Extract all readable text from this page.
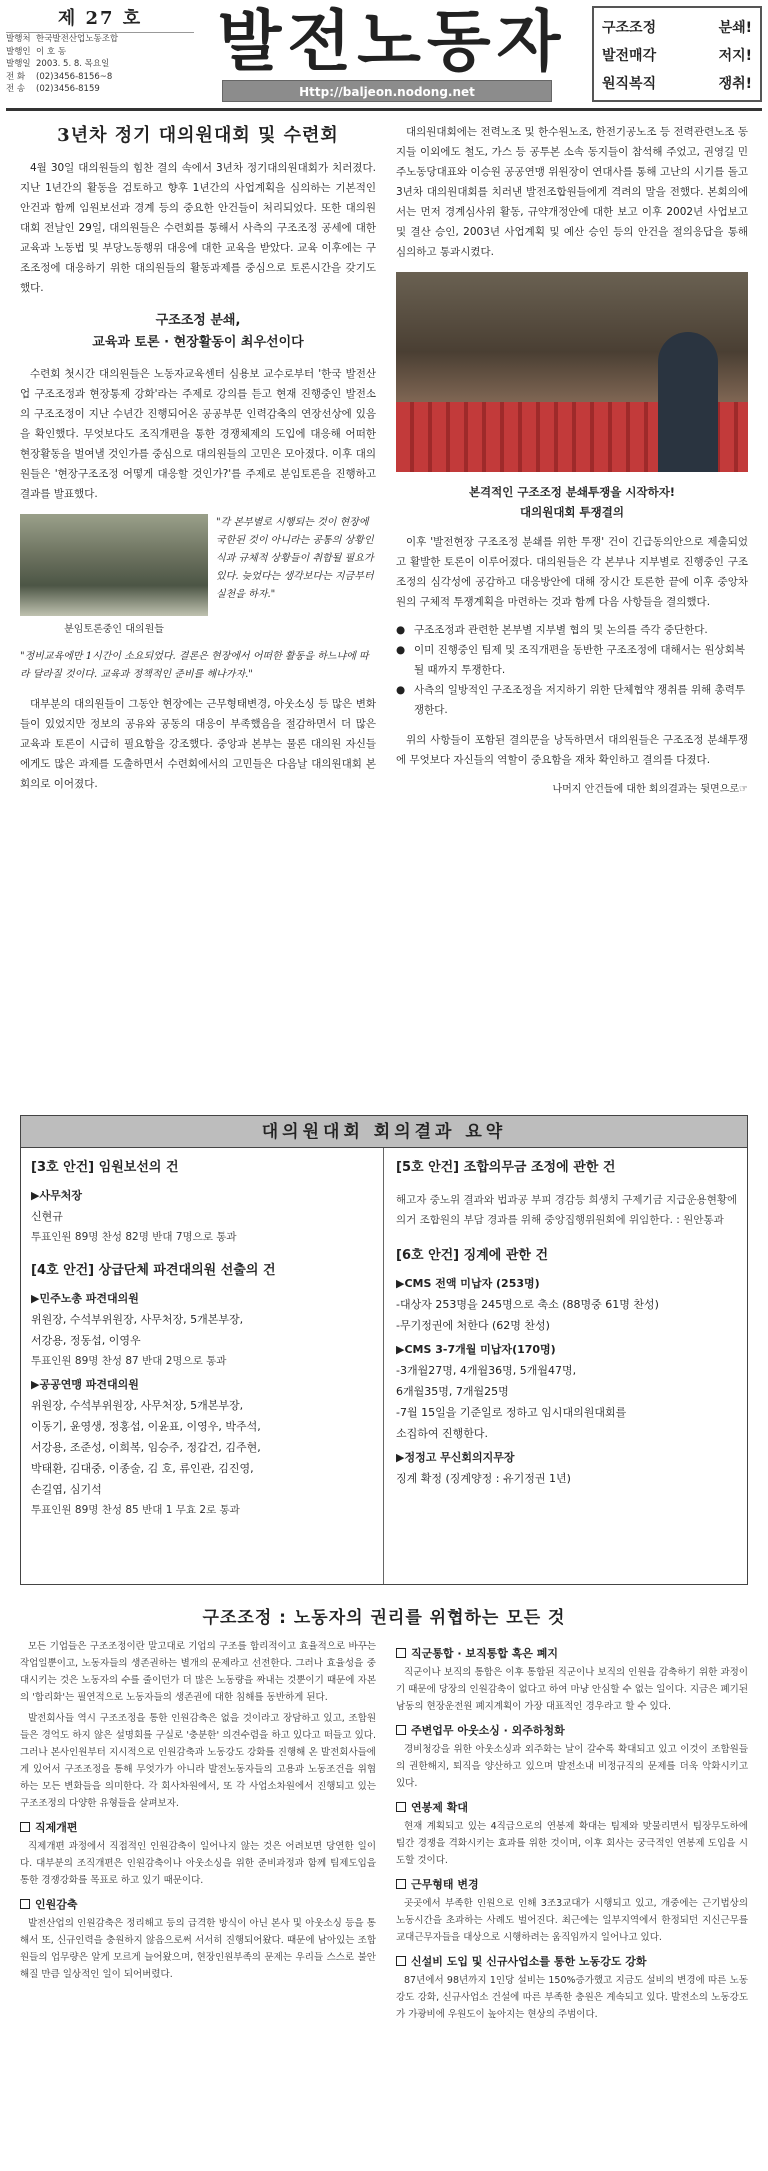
제 27 호
발행처 한국발전산업노동조합
발행인 이 호 동
발행일 2003. 5. 8. 목요일
전 화	(02)3456-8156~8
전 송	(02)3456-8159
발전노동자
Http://baljeon.nodong.net
구조조정	분쇄!
발전매각	저지!
원직복직	쟁취!
3년차 정기 대의원대회 및 수련회

4월 30일 대의원들의 힘찬 결의 속에서 3년차 정기대의원대회가 치러졌다. 지난 1년간의 활동을 검토하고 향후 1년간의 사업계획을 심의하는 기본적인 안건과 함께 임원보선과 경계 등의 중요한 안건들이 처리되었다. 또한 대의원대회 전날인 29일, 대의원들은 수련회를 통해서 사측의 구조조정 공세에 대한 교육과 노동법 및 부당노동행위 대응에 대한 교육을 받았다. 교육 이후에는 구조조정에 대응하기 위한 대의원들의 활동과제를 중심으로 토론시간을 갖기도 했다.

구조조정 분쇄,
교육과 토론 · 현장활동이 최우선이다

수련회 첫시간 대의원들은 노동자교육센터 심용보 교수로부터 '한국 발전산업 구조조정과 현장통제 강화'라는 주제로 강의를 듣고 현재 진행중인 발전소의 구조조정이 지난 수년간 진행되어온 공공부문 인력감축의 연장선상에 있음을 확인했다. 무엇보다도 조직개편을 통한 경쟁체제의 도입에 대응해 어떠한 현장활동을 벌여낼 것인가를 중심으로 대의원들의 고민은 모아졌다. 이후 대의원들은 '현장구조조정 어떻게 대응할 것인가?'를 주제로 분임토론을 진행하고 결과를 발표했다.

분임토론중인 대의원들
"각 본부별로 시행되는 것이 현장에 국한된 것이 아니라는 공통의 상황인식과 규체적 상황들이 취합될 필요가 있다. 늦었다는 생각보다는 지금부터 실천을 하자."
"정비교육에만 1시간이 소요되었다. 결론은 현장에서 어떠한 활동을 하느냐에 따라 달라질 것이다. 교육과 정책적인 준비를 해나가자."

대부분의 대의원들이 그동안 현장에는 근무형태변경, 아웃소싱 등 많은 변화들이 있었지만 정보의 공유와 공동의 대응이 부족했음을 절감하면서 더 많은 교육과 토론이 시급히 필요함을 강조했다. 중앙과 본부는 물론 대의원 자신들에게도 많은 과제를 도출하면서 수련회에서의 고민들은 다음날 대의원대회 본회의로 이어졌다.

대의원대회에는 전력노조 및 한수원노조, 한전기공노조 등 전력관련노조 동지들 이외에도 철도, 가스 등 공투본 소속 동지들이 참석해 주었고, 권영길 민주노동당대표와 이승원 공공연맹 위원장이 연대사를 통해 고난의 시기를 돌고 3년차 대의원대회를 치러낸 발전조합원들에게 격려의 말을 전했다. 본회의에서는 먼저 경계심사위 활동, 규약개정안에 대한 보고 이후 2002년 사업보고 및 결산 승인, 2003년 사업계획 및 예산 승인 등의 안건을 절의응답을 통해 심의하고 통과시켰다.

본격적인 구조조정 분쇄투쟁을 시작하자!
대의원대회 투쟁결의

이후 '발전현장 구조조정 분쇄를 위한 투쟁' 건이 긴급동의안으로 제출되었고 활발한 토론이 이루어졌다. 대의원들은 각 본부나 지부별로 진행중인 구조조정의 심각성에 공감하고 대응방안에 대해 장시간 토론한 끝에 이후 중앙차원의 구체적 투쟁계획을 마련하는 것과 함께 다음 사항들을 결의했다.

● 구조조정과 관련한 본부별 지부별 협의 및 논의를 즉각 중단한다.
● 이미 진행중인 팀제 및 조직개편을 동반한 구조조정에 대해서는 원상회복 될 때까지 투쟁한다.
● 사측의 일방적인 구조조정을 저지하기 위한 단체협약 쟁취를 위해 총력투쟁한다.

위의 사항들이 포함된 결의문을 낭독하면서 대의원들은 구조조정 분쇄투쟁에 무엇보다 자신들의 역할이 중요함을 재차 확인하고 결의를 다졌다.

나머지 안건들에 대한 회의결과는 뒷면으로☞
대의원대회 회의결과 요약
[3호 안건] 임원보선의 건
▶사무처장
신현규
투표인원 89명 찬성 82명 반대 7명으로 통과
[4호 안건] 상급단체 파견대의원 선출의 건
▶민주노총 파견대의원
위원장, 수석부위원장, 사무처장, 5개본부장,
서강용, 정동섭, 이영우
투표인원 89명 찬성 87 반대 2명으로 통과
▶공공연맹 파견대의원
위원장, 수석부위원장, 사무처장, 5개본부장,
이동기, 윤영생, 정홍섭, 이윤표, 이영우, 박주석,
서강용, 조준성, 이희복, 임승주, 정갑건, 김주현,
박태환, 김대중, 이종술, 김 호, 류인관, 김진영,
손길엽, 심기석
투표인원 89명 찬성 85 반대 1 무효 2로 통과
[5호 안건] 조합의무금 조정에 관한 건
해고자 중노위 결과와 법과공 부피 경감등 희생치 구제기금 지급운용현황에 의거 조합원의 부담 경과를 위해 중앙집행위원회에 위임한다. : 원안통과
[6호 안건] 징계에 관한 건
▶CMS 전액 미납자 (253명)
-대상자 253명을 245명으로 축소 (88명중 61명 찬성)
-무기정권에 처한다 (62명 찬성)
▶CMS 3-7개월 미납자(170명)
-3개월27명, 4개월36명, 5개월47명,
6개월35명, 7개월25명
-7월 15일을 기준일로 정하고 임시대의원대회를
소집하여 진행한다.
▶정정고 무신회의지무장
징계 확정 (징계양정 : 유기정권 1년)
구조조정 : 노동자의 권리를 위협하는 모든 것

모든 기업들은 구조조정이란 말고대로 기업의 구조를 합리적이고 효율적으로 바꾸는 작업일뿐이고, 노동자들의 생존권하는 별개의 문제라고 선전한다. 그러나 효율성을 중대시키는 것은 노동자의 수를 줄이던가 더 많은 노동량을 짜내는 것뿐이기 때문에 자본의 '합리화'는 필연적으로 노동자들의 생존권에 대한 침해를 동반하게 된다.

발전회사들 역시 구조조정을 통한 인원감축은 없을 것이라고 장담하고 있고, 조합원들은 경억도 하지 않은 설명회를 구실로 '충분한' 의견수렴을 하고 있다고 떠들고 있다. 그러나 본사인원부터 지시적으로 인원감축과 노동강도 강화를 진행해 온 발전회사들에게 있어서 구조조정을 통해 무엇가가 아니라 발전노동자들의 고용과 노동조건을 위협하는 모든 변화들을 의미한다. 각 회사차원에서, 또 각 사업소차원에서 진행되고 있는 구조조정의 다양한 유형들을 살펴보자.

직제개편

직제개편 과정에서 직접적인 인원감축이 일어나지 않는 것은 어려보면 당연한 일이다. 대부분의 조직개편은 인원감축이나 아웃소싱을 위한 준비과정과 함께 팀제도입을 통한 경쟁강화를 목표로 하고 있기 때문이다.

인원감축

발전산업의 인원감축은 정리해고 등의 급격한 방식이 아닌 본사 및 아웃소싱 등을 통해서 또, 신규인력을 충원하지 않음으로써 서서히 진행되어왔다. 때문에 남아있는 조합원들의 업무량은 알게 모르게 늘어왔으며, 현장인원부족의 문제는 우리들 스스로 불안해질 만큼 일상적인 일이 되어버렸다.

직군통합 · 보직통합 혹은 폐지

직군이나 보직의 통합은 이후 통합된 직군이나 보직의 인원을 감축하기 위한 과정이기 때문에 당장의 인원감축이 없다고 하여 마냥 안심할 수 없는 일이다. 지금은 폐기된 남동의 현장운전원 폐지계획이 가장 대표적인 경우라고 할 수 있다.

주변업무 아웃소싱 · 외주하청화

경비청강을 위한 아웃소싱과 외주화는 날이 갈수록 확대되고 있고 이것이 조합원들의 권한해지, 퇴직을 양산하고 있으며 발전소내 비정규직의 문제를 더욱 악화시키고 있다.

연봉제 확대

현재 계획되고 있는 4직급으로의 연봉제 확대는 팀제와 맞물리면서 팀장무도하에 팀간 경쟁을 격화시키는 효과를 위한 것이며, 이후 회사는 궁극적인 연봉제 도입을 시도할 것이다.

근무형태 변경

곳곳에서 부족한 인원으로 인해 3조3교대가 시행되고 있고, 개중에는 근기법상의 노동시간을 초과하는 사례도 벌어진다. 최근에는 일부지역에서 한정되던 지신근무를 교대근무자들을 대상으로 시행하려는 움직임까지 일어나고 있다.

신설비 도입 및 신규사업소를 통한 노동강도 강화

87년에서 98년까지 1인당 설비는 150%증가했고 지금도 설비의 변경에 따른 노동강도 강화, 신규사업소 건설에 따른 부족한 충원은 계속되고 있다. 발전소의 노동강도가 가광비에 우원도이 높아지는 현상의 주범이다.
